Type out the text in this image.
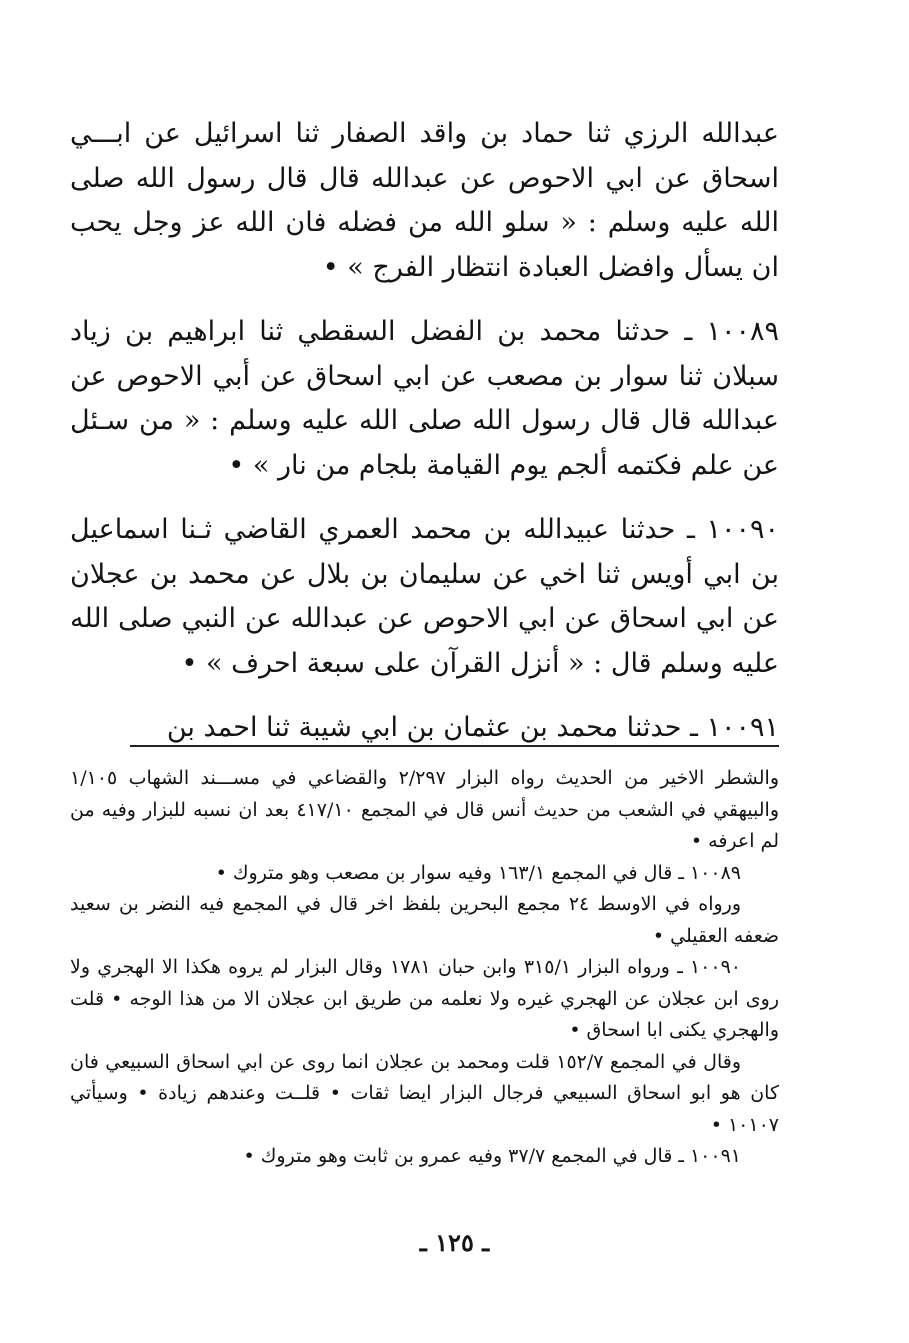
عبدالله الرزي ثنا حماد بن واقد الصفار ثنا اسرائيل عن ابـــي اسحاق عن ابي الاحوص عن عبدالله قال قال رسول الله صلى الله عليه وسلم : « سلو الله من فضله فان الله عز وجل يحب ان يسأل وافضل العبادة انتظار الفرج » •

١٠٠٨٩ ـ حدثنا محمد بن الفضل السقطي ثنا ابراهيم بن زياد سبلان ثنا سوار بن مصعب عن ابي اسحاق عن أبي الاحوص عن عبدالله قال قال رسول الله صلى الله عليه وسلم : « من سـئل عن علم فكتمه ألجم يوم القيامة بلجام من نار » •

١٠٠٩٠ ـ حدثنا عبيدالله بن محمد العمري القاضي ثـنا اسماعيل بن ابي أويس ثنا اخي عن سليمان بن بلال عن محمد بن عجلان عن ابي اسحاق عن ابي الاحوص عن عبدالله عن النبي صلى الله عليه وسلم قال : « أنزل القرآن على سبعة احرف » •

١٠٠٩١ ـ حدثنا محمد بن عثمان بن ابي شيبة ثنا احمد بن

والشطر الاخير من الحديث رواه البزار ٢/٢٩٧ والقضاعي في مســـند الشهاب ١/١٠٥ والبيهقي في الشعب من حديث أنس قال في المجمع ٤١٧/١٠ بعد ان نسبه للبزار وفيه من لم اعرفه •

١٠٠٨٩ ـ قال في المجمع ١٦٣/١ وفيه سوار بن مصعب وهو متروك •

ورواه في الاوسط ٢٤ مجمع البحرين بلفظ اخر قال في المجمع فيه النضر بن سعيد ضعفه العقيلي •

١٠٠٩٠ ـ ورواه البزار ٣١٥/١ وابن حبان ١٧٨١ وقال البزار لم يروه هكذا الا الهجري ولا روى ابن عجلان عن الهجري غيره ولا نعلمه من طريق ابن عجلان الا من هذا الوجه • قلت والهجري يكنى ابا اسحاق •

وقال في المجمع ١٥٢/٧ قلت ومحمد بن عجلان انما روى عن ابي اسحاق السبيعي فان كان هو ابو اسحاق السبيعي فرجال البزار ايضا ثقات • قلــت وعندهم زيادة • وسيأتي ١٠١٠٧ •

١٠٠٩١ ـ قال في المجمع ٣٧/٧ وفيه عمرو بن ثابت وهو متروك •

ـ ١٢٥ ـ
